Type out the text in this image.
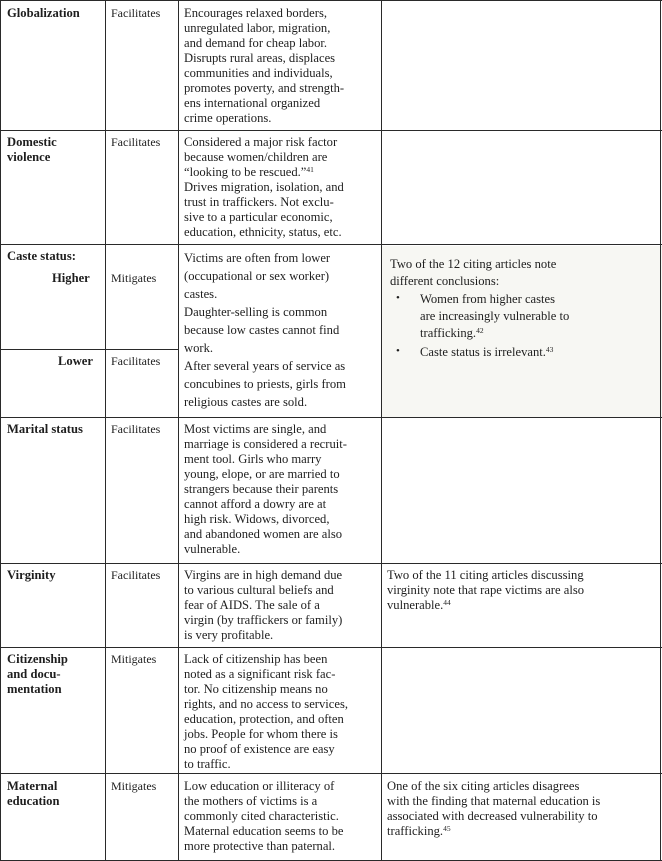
Globalization	Facilitates Encourages relaxed borders,
unregulated labor, migration,
and demand for cheap labor.
Disrupts rural areas, displaces
communities and individuals,
promotes poverty, and strength-
ens international organized
crime operations.
Domestic
violence
Facilitates Considered a major risk factor
because women/children are
“looking to be rescued.”$^{41}$
Drives migration, isolation, and
trust in traffickers. Not exclu-
sive to a particular economic,
education, ethnicity, status, etc.
Caste status:
Higher Mitigates
Lower Facilitates
Victims are often from lower
(occupational or sex worker)
castes.
Daughter-selling is common
because low castes cannot find
work.
After several years of service as
concubines to priests, girls from
religious castes are sold.
Two of the 12 citing articles note
different conclusions:
• Women from higher castes
are increasingly vulnerable to
trafficking.$^{42}$
• Caste status is irrelevant.$^{43}$
Marital status Facilitates Most victims are single, and
marriage is considered a recruit-
ment tool. Girls who marry
young, elope, or are married to
strangers because their parents
cannot afford a dowry are at
high risk. Widows, divorced,
and abandoned women are also
vulnerable.
Virginity	Facilitates Virgins are in high demand due
to various cultural beliefs and
fear of AIDS. The sale of a
virgin (by traffickers or family)
is very profitable.
Two of the 11 citing articles discussing
virginity note that rape victims are also
vulnerable.$^{44}$
Citizenship
and docu-
mentation
Mitigates Lack of citizenship has been
noted as a significant risk fac-
tor. No citizenship means no
rights, and no access to services,
education, protection, and often
jobs. People for whom there is
no proof of existence are easy
to traffic.
Maternal
education
Mitigates Low education or illiteracy of
the mothers of victims is a
commonly cited characteristic.
Maternal education seems to be
more protective than paternal.
One of the six citing articles disagrees
with the finding that maternal education is
associated with decreased vulnerability to
trafficking.$^{45}$
